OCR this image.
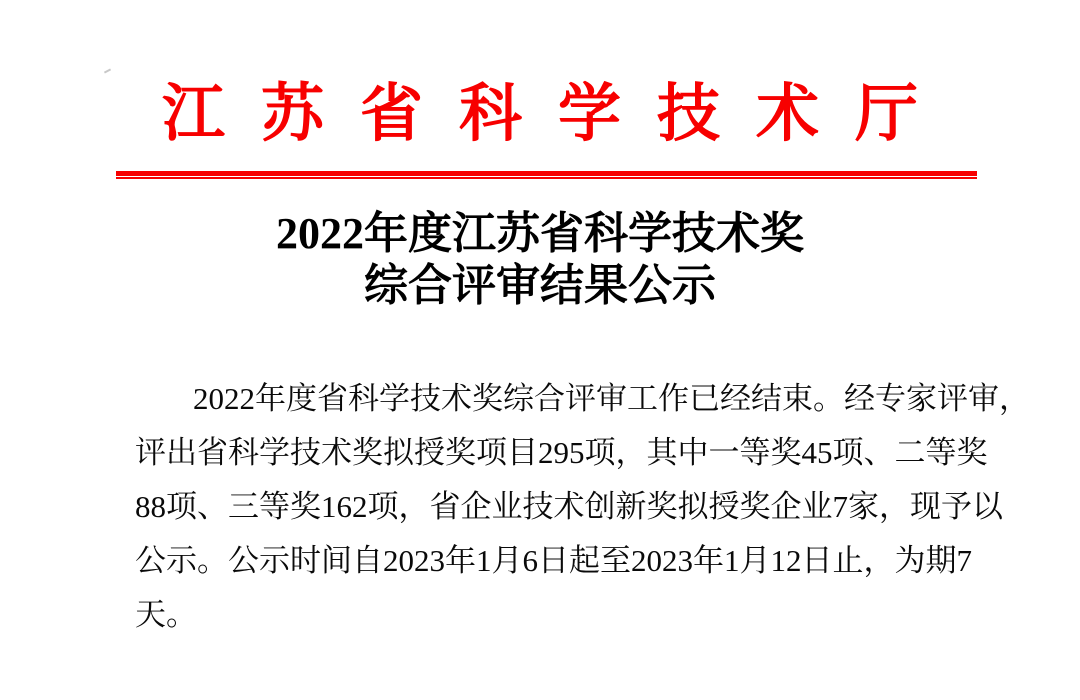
江苏省科学技术厅
2022年度江苏省科学技术奖
综合评审结果公示
2022年度省科学技术奖综合评审工作已经结束。经专家评审，
评出省科学技术奖拟授奖项目295项，其中一等奖45项、二等奖
88项、三等奖162项，省企业技术创新奖拟授奖企业7家，现予以
公示。公示时间自2023年1月6日起至2023年1月12日止，为期7
天。
